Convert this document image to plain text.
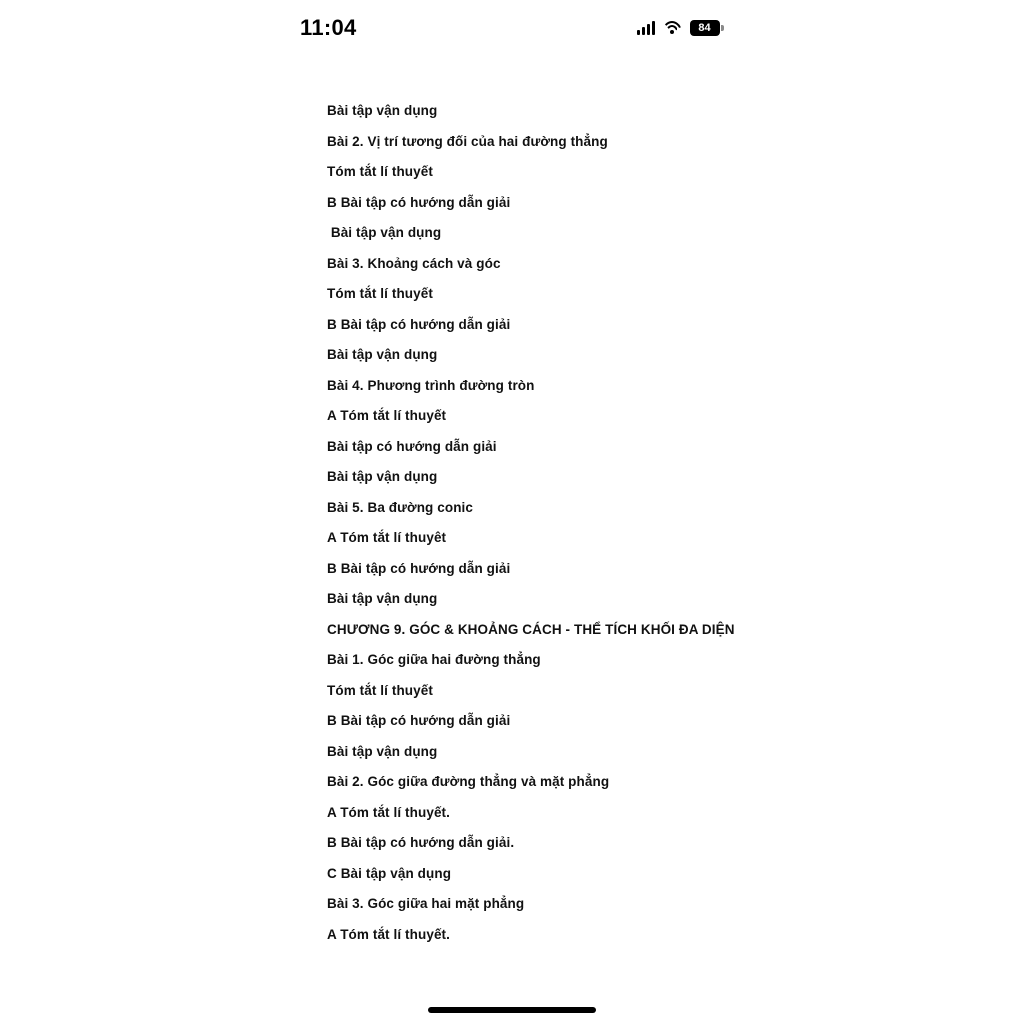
11:04	84
Bài tập vận dụng
Bài 2. Vị trí tương đối của hai đường thẳng
Tóm tắt lí thuyết
B Bài tập có hướng dẫn giải
Bài tập vận dụng
Bài 3. Khoảng cách và góc
Tóm tắt lí thuyết
B Bài tập có hướng dẫn giải
Bài tập vận dụng
Bài 4. Phương trình đường tròn
A Tóm tắt lí thuyết
Bài tập có hướng dẫn giải
Bài tập vận dụng
Bài 5. Ba đường conic
A Tóm tắt lí thuyêt
B Bài tập có hướng dẫn giải
Bài tập vận dụng
CHƯƠNG 9. GÓC & KHOẢNG CÁCH - THỂ TÍCH KHỐI ĐA DIỆN
Bài 1. Góc giữa hai đường thẳng
Tóm tắt lí thuyết
B Bài tập có hướng dẫn giải
Bài tập vận dụng
Bài 2. Góc giữa đường thẳng và mặt phẳng
A Tóm tắt lí thuyết.
B Bài tập có hướng dẫn giải.
C Bài tập vận dụng
Bài 3. Góc giữa hai mặt phẳng
A Tóm tắt lí thuyết.
